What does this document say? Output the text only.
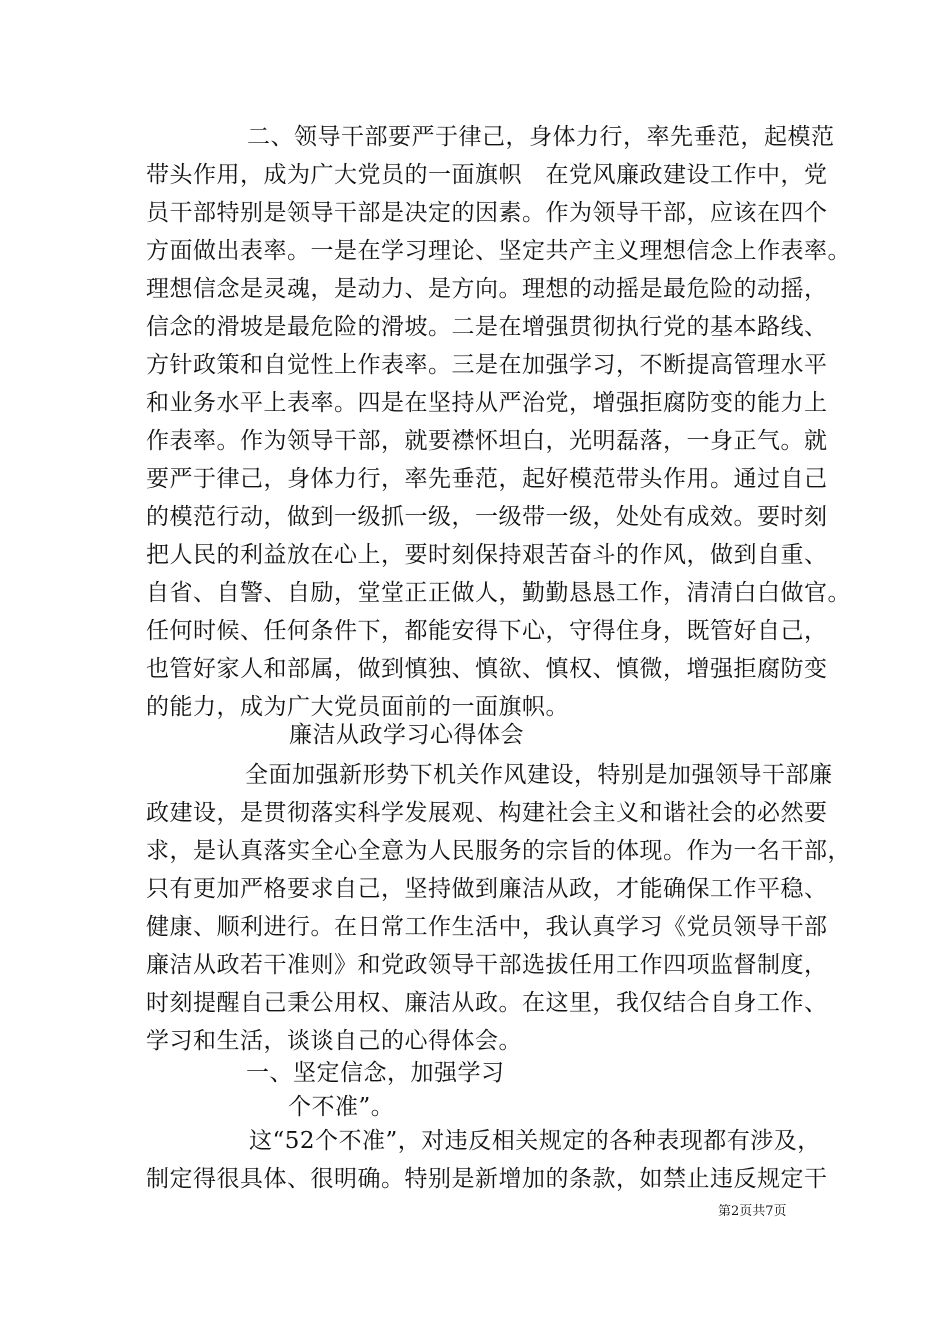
二、领导干部要严于律己，身体力行，率先垂范，起模范
带头作用，成为广大党员的一面旗帜　在党风廉政建设工作中，党
员干部特别是领导干部是决定的因素。作为领导干部，应该在四个
方面做出表率。一是在学习理论、坚定共产主义理想信念上作表率。
理想信念是灵魂，是动力、是方向。理想的动摇是最危险的动摇，
信念的滑坡是最危险的滑坡。二是在增强贯彻执行党的基本路线、
方针政策和自觉性上作表率。三是在加强学习，不断提高管理水平
和业务水平上表率。四是在坚持从严治党，增强拒腐防变的能力上
作表率。作为领导干部，就要襟怀坦白，光明磊落，一身正气。就
要严于律己，身体力行，率先垂范，起好模范带头作用。通过自己
的模范行动，做到一级抓一级，一级带一级，处处有成效。要时刻
把人民的利益放在心上，要时刻保持艰苦奋斗的作风，做到自重、
自省、自警、自励，堂堂正正做人，勤勤恳恳工作，清清白白做官。
任何时候、任何条件下，都能安得下心，守得住身，既管好自己，
也管好家人和部属，做到慎独、慎欲、慎权、慎微，增强拒腐防变
的能力，成为广大党员面前的一面旗帜。
廉洁从政学习心得体会
全面加强新形势下机关作风建设，特别是加强领导干部廉
政建设，是贯彻落实科学发展观、构建社会主义和谐社会的必然要
求，是认真落实全心全意为人民服务的宗旨的体现。作为一名干部，
只有更加严格要求自己，坚持做到廉洁从政，才能确保工作平稳、
健康、顺利进行。在日常工作生活中，我认真学习《党员领导干部
廉洁从政若干准则》和党政领导干部选拔任用工作四项监督制度，
时刻提醒自己秉公用权、廉洁从政。在这里，我仅结合自身工作、
学习和生活，谈谈自己的心得体会。
一、坚定信念，加强学习
个不准”。
这“52个不准”，对违反相关规定的各种表现都有涉及，
制定得很具体、很明确。特别是新增加的条款，如禁止违反规定干
第2页共7页
